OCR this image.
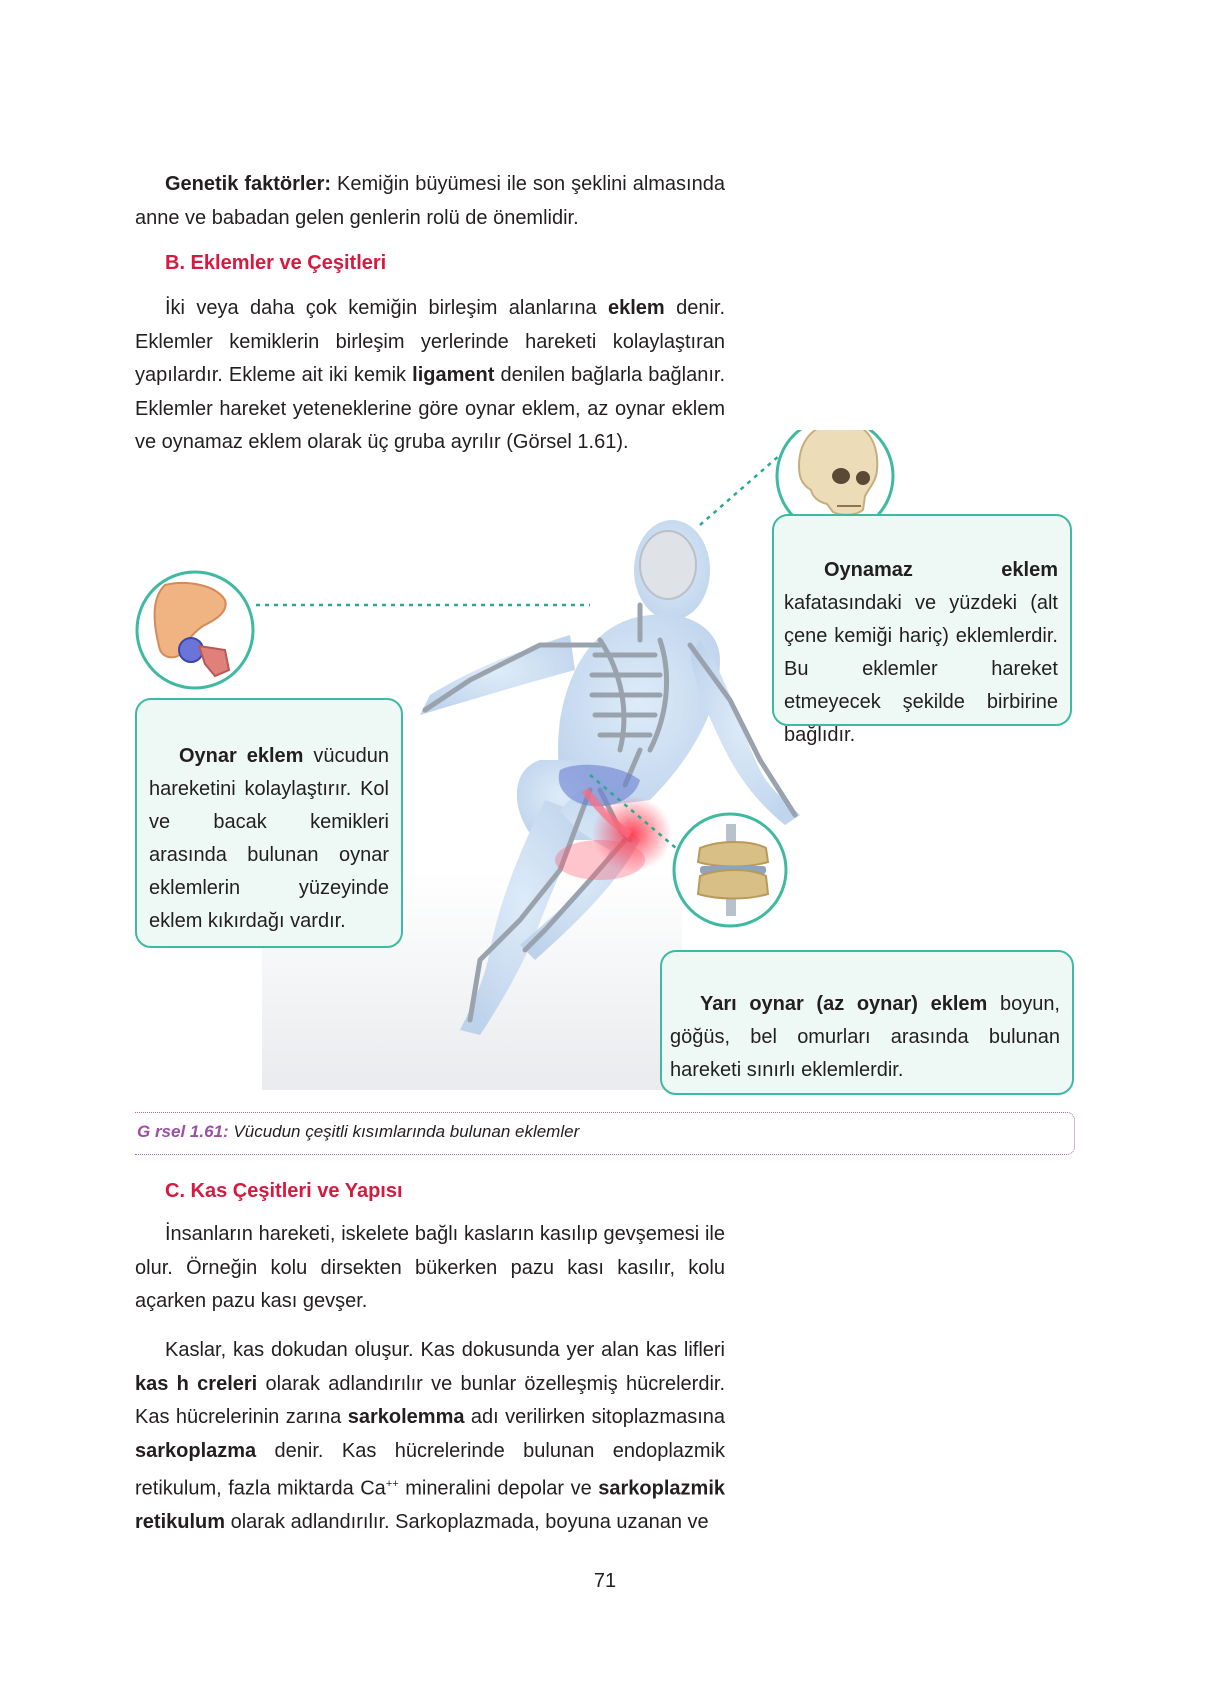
Genetik faktörler: Kemiğin büyümesi ile son şeklini almasında anne ve babadan gelen genlerin rolü de önemlidir.

B. Eklemler ve Çeşitleri

İki veya daha çok kemiğin birleşim alanlarına eklem denir. Eklemler kemiklerin birleşim yerlerinde hareketi kolaylaştıran yapılardır. Ekleme ait iki kemik ligament denilen bağlarla bağlanır. Eklemler hareket yeteneklerine göre oynar eklem, az oynar eklem ve oynamaz eklem olarak üç gruba ayrılır (Görsel 1.61).

Oynamaz eklem kafatasındaki ve yüzdeki (alt çene kemiği hariç) eklemlerdir. Bu eklemler hareket etmeyecek şekilde birbirine bağlıdır.
Oynar eklem vücudun hareketini kolaylaştırır. Kol ve bacak kemikleri arasında bulunan oynar eklemlerin yüzeyinde eklem kıkırdağı vardır.
Yarı oynar (az oynar) eklem boyun, göğüs, bel omurları arasında bulunan hareketi sınırlı eklemlerdir.
G rsel 1.61: Vücudun çeşitli kısımlarında bulunan eklemler
C. Kas Çeşitleri ve Yapısı

İnsanların hareketi, iskelete bağlı kasların kasılıp gevşemesi ile olur. Örneğin kolu dirsekten bükerken pazu kası kasılır, kolu açarken pazu kası gevşer.

Kaslar, kas dokudan oluşur. Kas dokusunda yer alan kas lifleri kas h creleri olarak adlandırılır ve bunlar özelleşmiş hücrelerdir. Kas hücrelerinin zarına sarkolemma adı verilirken sitoplazmasına sarkoplazma denir. Kas hücrelerinde bulunan endoplazmik retikulum, fazla miktarda Ca++ mineralini depolar ve sarkoplazmik retikulum olarak adlandırılır. Sarkoplazmada, boyuna uzanan ve

71
